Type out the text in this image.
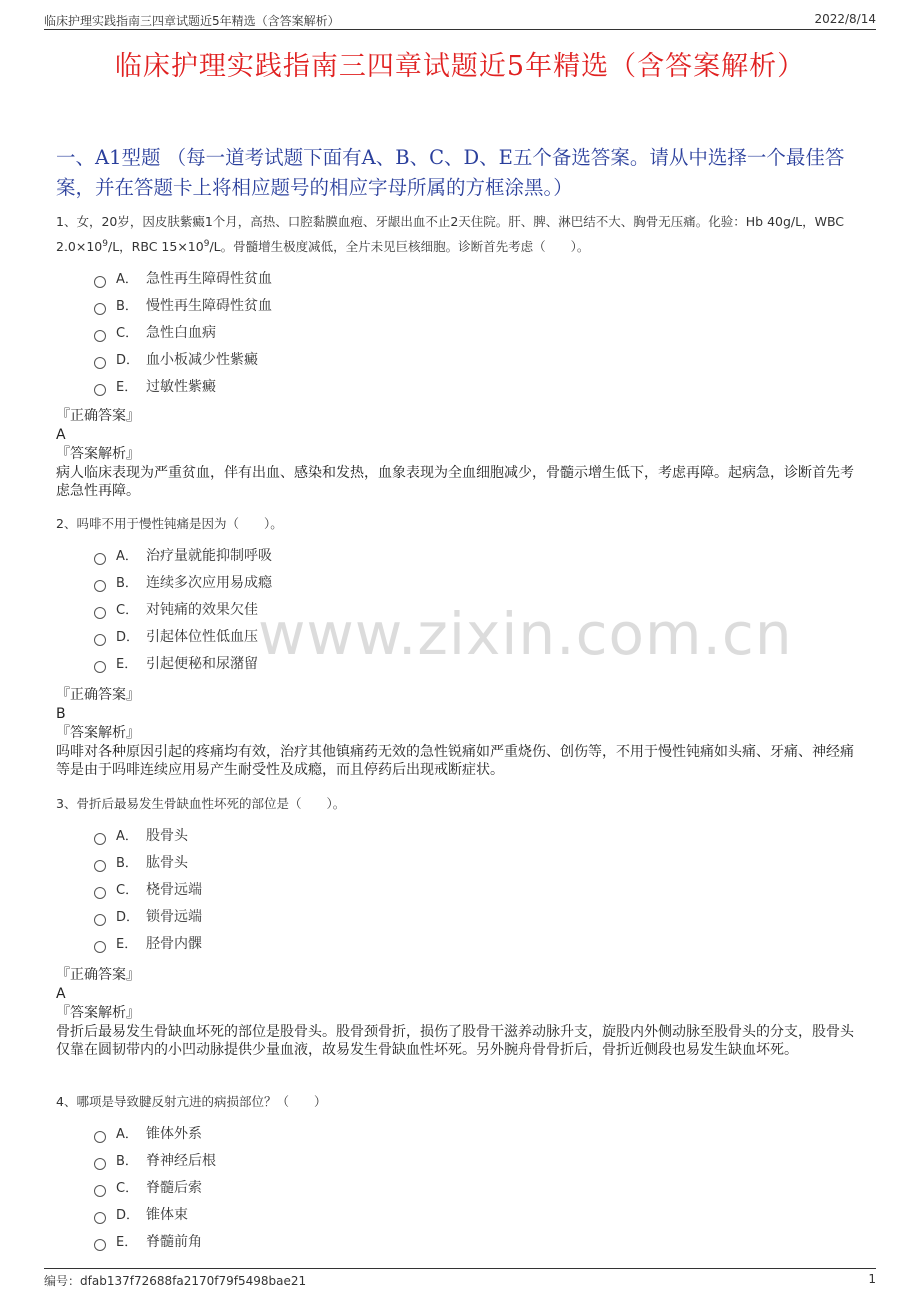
临床护理实践指南三四章试题近5年精选（含答案解析）	2022/8/14
临床护理实践指南三四章试题近5年精选（含答案解析）
一、A1型题 （每一道考试题下面有A、B、C、D、E五个备选答案。请从中选择一个最佳答案，并在答题卡上将相应题号的相应字母所属的方框涂黑。）
www.zixin.com.cn
1、女，20岁，因皮肤紫癜1个月，高热、口腔黏膜血疱、牙龈出血不止2天住院。肝、脾、淋巴结不大、胸骨无压痛。化验：Hb 40g/L，WBC $2.0\times 10^9/L$，RBC $15\times 10^9/L$。骨髓增生极度减低，全片未见巨核细胞。诊断首先考虑（　　）。
A． 急性再生障碍性贫血
B． 慢性再生障碍性贫血
C． 急性白血病
D． 血小板减少性紫癜
E． 过敏性紫癜
『正确答案』
A
『答案解析』
病人临床表现为严重贫血，伴有出血、感染和发热，血象表现为全血细胞减少，骨髓示增生低下，考虑再障。起病急，诊断首先考虑急性再障。
2、吗啡不用于慢性钝痛是因为（　　）。
A． 治疗量就能抑制呼吸
B． 连续多次应用易成瘾
C． 对钝痛的效果欠佳
D． 引起体位性低血压
E． 引起便秘和尿潴留
『正确答案』
B
『答案解析』
吗啡对各种原因引起的疼痛均有效，治疗其他镇痛药无效的急性锐痛如严重烧伤、创伤等，不用于慢性钝痛如头痛、牙痛、神经痛等是由于吗啡连续应用易产生耐受性及成瘾，而且停药后出现戒断症状。
3、骨折后最易发生骨缺血性坏死的部位是（　　）。
A． 股骨头
B． 肱骨头
C． 桡骨远端
D． 锁骨远端
E． 胫骨内髁
『正确答案』
A
『答案解析』
骨折后最易发生骨缺血坏死的部位是股骨头。股骨颈骨折，损伤了股骨干滋养动脉升支，旋股内外侧动脉至股骨头的分支，股骨头仅靠在圆韧带内的小凹动脉提供少量血液，故易发生骨缺血性坏死。另外腕舟骨骨折后，骨折近侧段也易发生缺血坏死。
4、哪项是导致腱反射亢进的病损部位？（　　）
A． 锥体外系
B． 脊神经后根
C． 脊髓后索
D． 锥体束
E． 脊髓前角
编号：dfab137f72688fa2170f79f5498bae21	1
